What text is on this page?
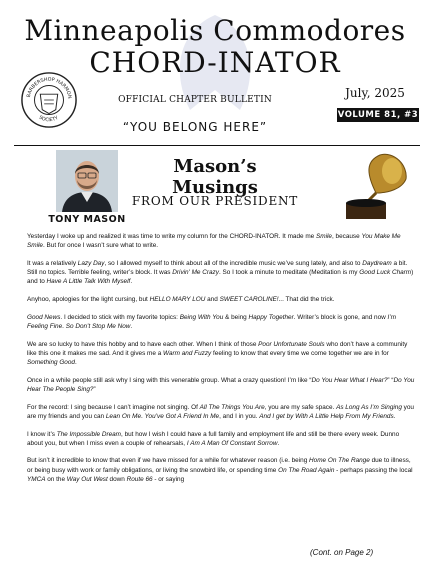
Minneapolis Commodores
CHORD-INATOR
BARBERSHOP HARMON
SOCIETY
OFFICIAL CHAPTER BULLETIN
“YOU BELONG HERE”
July, 2025
VOLUME 81, #3
TONY MASON
Mason’s Musings
FROM OUR PRESIDENT

Yesterday I woke up and realized it was time to write my column for the CHORD-INATOR. It made me Smile, because You Make Me Smile. But for once I wasn’t sure what to write.

It was a relatively Lazy Day, so I allowed myself to think about all of the incredible music we’ve sung lately, and also to Daydream a bit. Still no topics. Terrible feeling, writer’s block. It was Drivin' Me Crazy. So I took a minute to meditate (Meditation is my Good Luck Charm) and to Have A Little Talk With Myself.

Anyhoo, apologies for the light cursing, but HELLO MARY LOU and SWEET CAROLINE!... That did the trick.

Good News. I decided to stick with my favorite topics: Being With You & being Happy Together. Writer’s block is gone, and now I’m Feeling Fine. So Don’t Stop Me Now.

We are so lucky to have this hobby and to have each other. When I think of those Poor Unfortunate Souls who don’t have a community like this one it makes me sad. And it gives me a Warm and Fuzzy feeling to know that every time we come together we are in for Something Good.

Once in a while people still ask why I sing with this venerable group. What a crazy question! I’m like “Do You Hear What I Hear?” “Do You Hear The People Sing?”

For the record: I sing because I can’t imagine not singing. Of All The Things You Are, you are my safe space. As Long As I’m Singing you are my friends and you can Lean On Me. You’ve Got A Friend In Me, and I in you. And I get by With A Little Help From My Friends.

I know it’s The Impossible Dream, but how I wish I could have a full family and employment life and still be there every week. Dunno about you, but when I miss even a couple of rehearsals, I Am A Man Of Constant Sorrow.

But isn’t it incredible to know that even if we have missed for a while for whatever reason (i.e. being Home On The Range due to illness, or being busy with work or family obligations, or living the snowbird life, or spending time On The Road Again - perhaps passing the local YMCA on the Way Out West down Route 66 - or saying

(Cont. on Page 2)
